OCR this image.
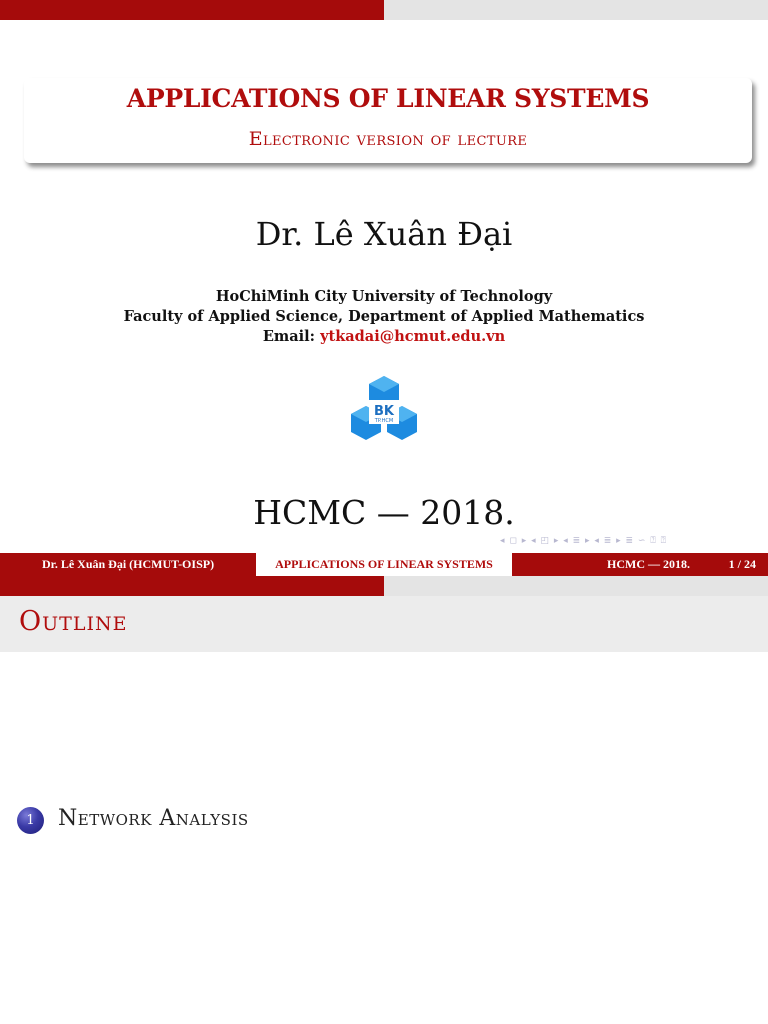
APPLICATIONS OF LINEAR SYSTEMS
Electronic version of lecture
Dr. Lê Xuân Đại
HoChiMinh City University of Technology
Faculty of Applied Science, Department of Applied Mathematics
Email: ytkadai@hcmut.edu.vn
BK
TP.HCM
HCMC — 2018.
◂ ◻ ▸ ◂ ◰ ▸ ◂ ≣ ▸ ◂ ≣ ▸ ≣ ∽ ⍰ ⍰
Dr. Lê Xuân Đại (HCMUT-OISP)	APPLICATIONS OF LINEAR SYSTEMS	HCMC — 2018.	1 / 24
Outline
1	Network Analysis
